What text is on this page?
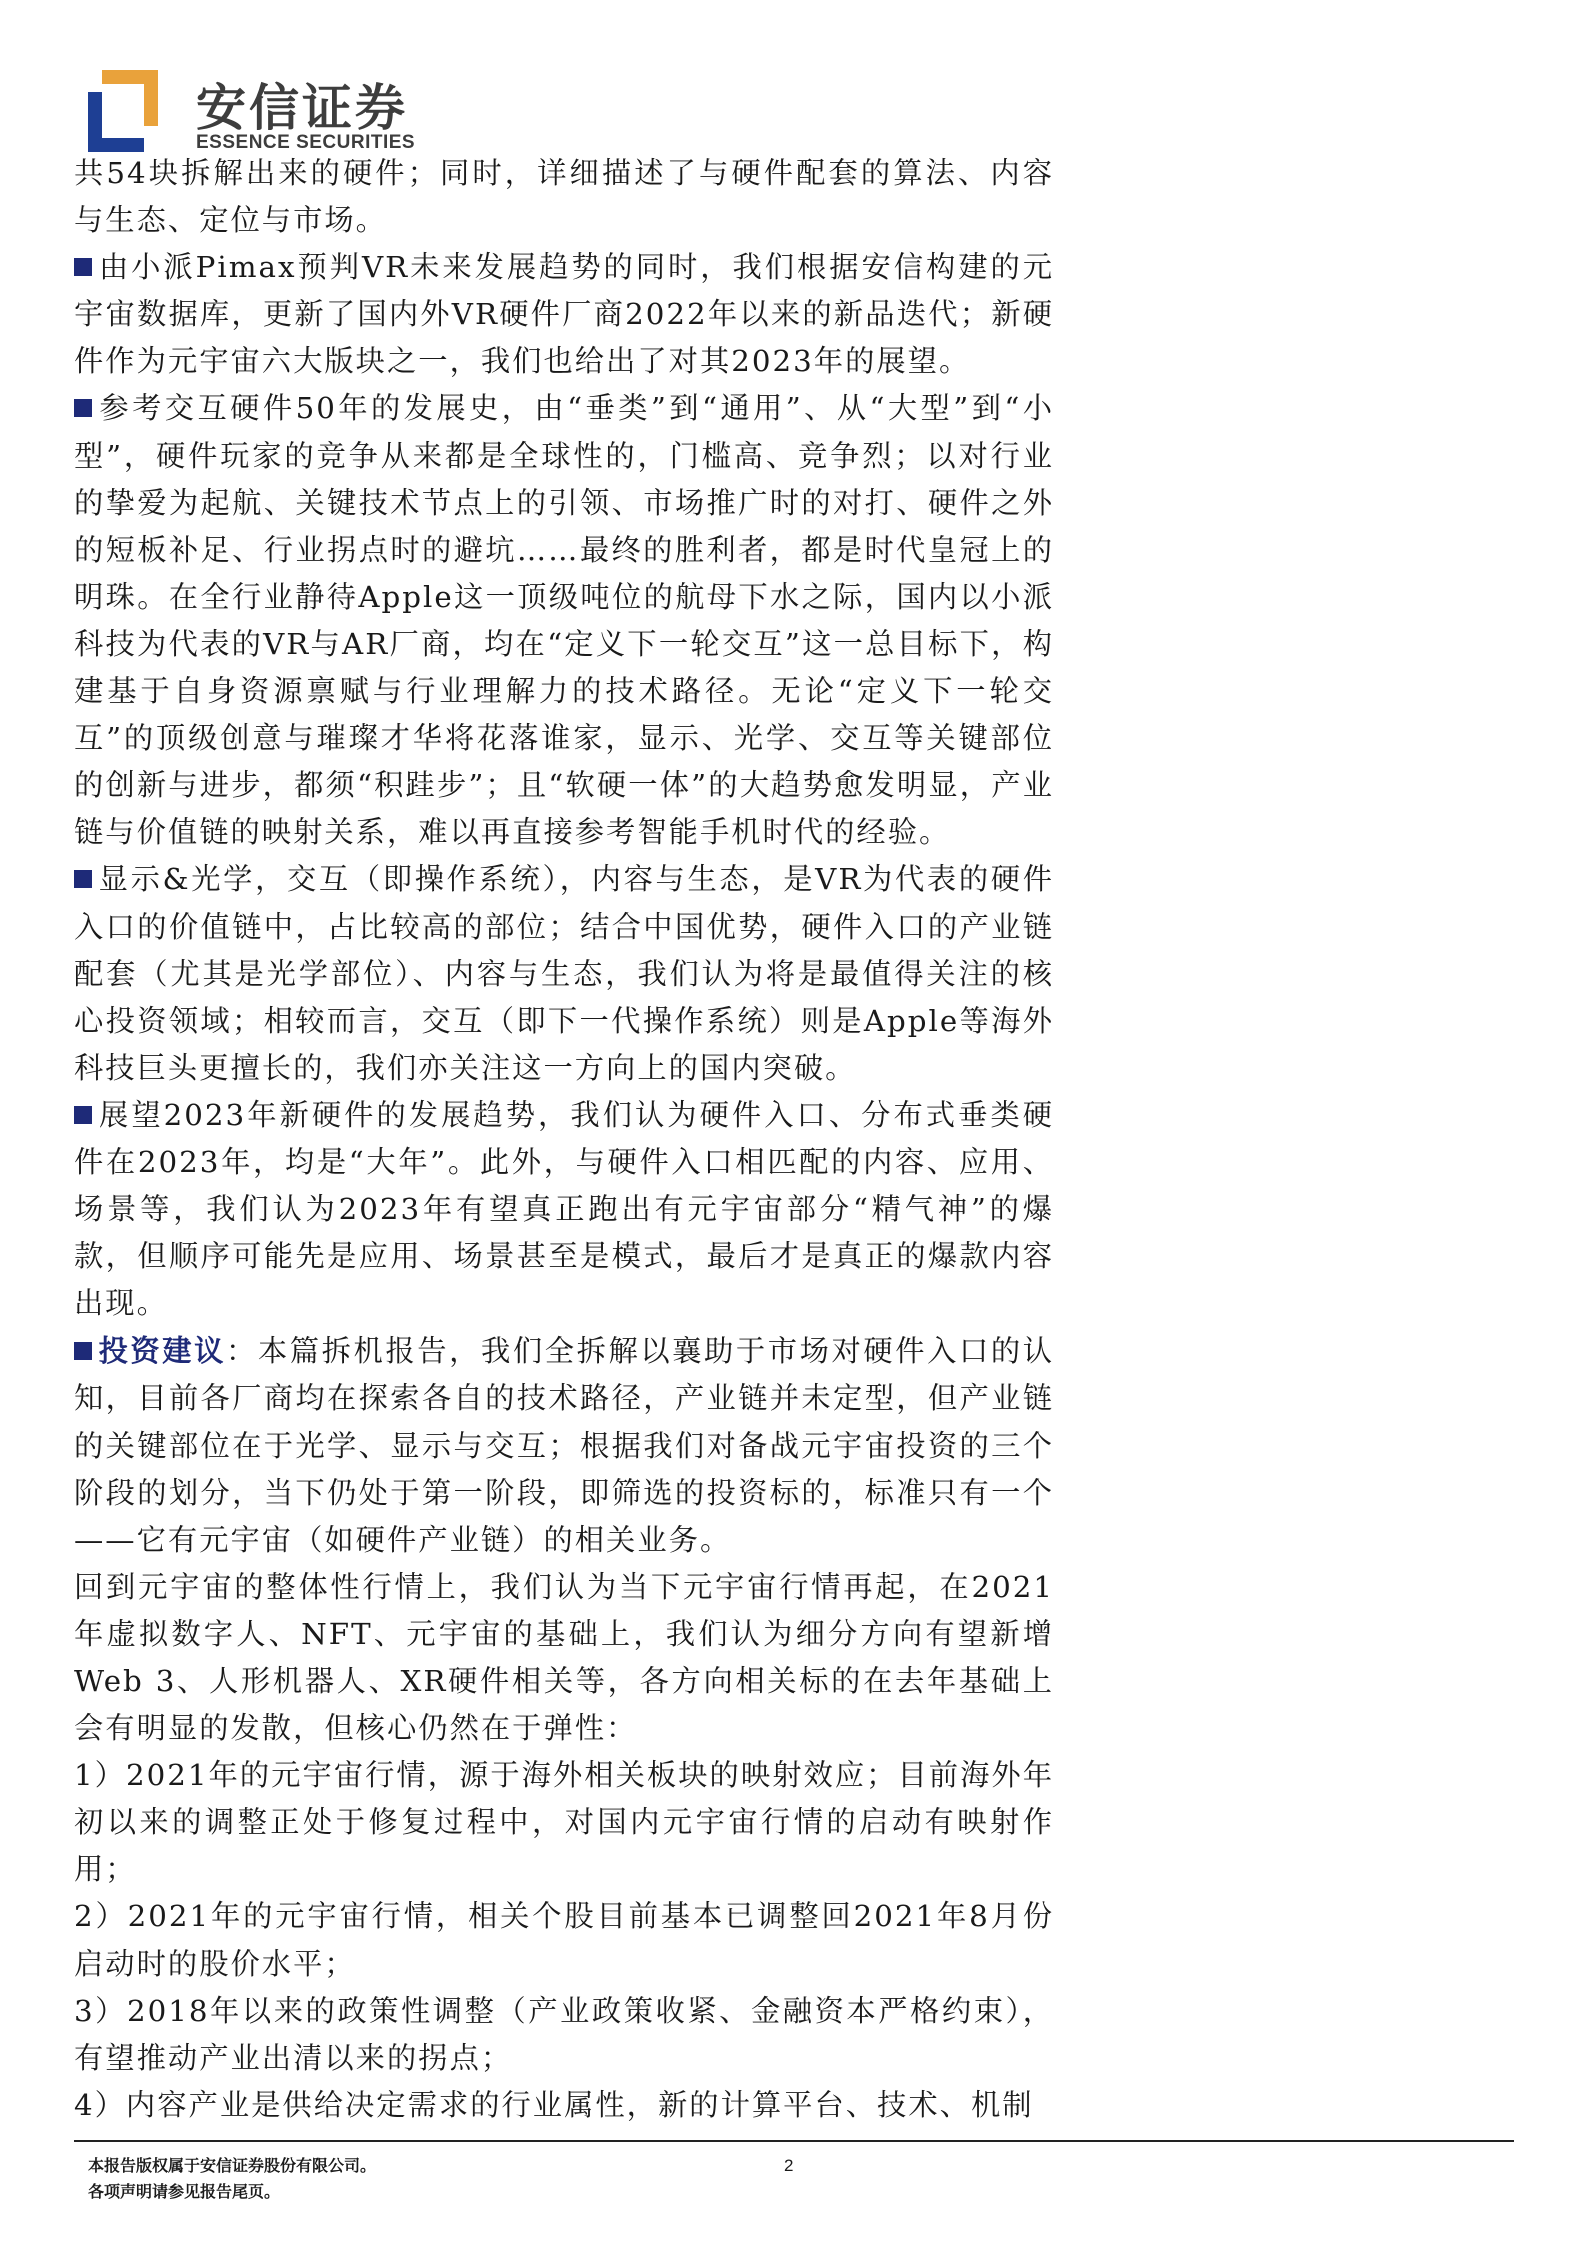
安信证券
ESSENCE SECURITIES

共54块拆解出来的硬件；同时，详细描述了与硬件配套的算法、内容与生态、定位与市场。

由小派Pimax预判VR未来发展趋势的同时，我们根据安信构建的元宇宙数据库，更新了国内外VR硬件厂商2022年以来的新品迭代；新硬件作为元宇宙六大版块之一，我们也给出了对其2023年的展望。

参考交互硬件50年的发展史，由“垂类”到“通用”、从“大型”到“小型”，硬件玩家的竞争从来都是全球性的，门槛高、竞争烈；以对行业的挚爱为起航、关键技术节点上的引领、市场推广时的对打、硬件之外的短板补足、行业拐点时的避坑……最终的胜利者，都是时代皇冠上的明珠。在全行业静待Apple这一顶级吨位的航母下水之际，国内以小派科技为代表的VR与AR厂商，均在“定义下一轮交互”这一总目标下，构建基于自身资源禀赋与行业理解力的技术路径。无论“定义下一轮交互”的顶级创意与璀璨才华将花落谁家，显示、光学、交互等关键部位的创新与进步，都须“积跬步”；且“软硬一体”的大趋势愈发明显，产业链与价值链的映射关系，难以再直接参考智能手机时代的经验。

显示&光学，交互（即操作系统），内容与生态，是VR为代表的硬件入口的价值链中，占比较高的部位；结合中国优势，硬件入口的产业链配套（尤其是光学部位）、内容与生态，我们认为将是最值得关注的核心投资领域；相较而言，交互（即下一代操作系统）则是Apple等海外科技巨头更擅长的，我们亦关注这一方向上的国内突破。

展望2023年新硬件的发展趋势，我们认为硬件入口、分布式垂类硬件在2023年，均是“大年”。此外，与硬件入口相匹配的内容、应用、场景等，我们认为2023年有望真正跑出有元宇宙部分“精气神”的爆款，但顺序可能先是应用、场景甚至是模式，最后才是真正的爆款内容出现。

投资建议：本篇拆机报告，我们全拆解以襄助于市场对硬件入口的认知，目前各厂商均在探索各自的技术路径，产业链并未定型，但产业链的关键部位在于光学、显示与交互；根据我们对备战元宇宙投资的三个阶段的划分，当下仍处于第一阶段，即筛选的投资标的，标准只有一个——它有元宇宙（如硬件产业链）的相关业务。

回到元宇宙的整体性行情上，我们认为当下元宇宙行情再起，在2021年虚拟数字人、NFT、元宇宙的基础上，我们认为细分方向有望新增Web 3、人形机器人、XR硬件相关等，各方向相关标的在去年基础上会有明显的发散，但核心仍然在于弹性：

1）2021年的元宇宙行情，源于海外相关板块的映射效应；目前海外年初以来的调整正处于修复过程中，对国内元宇宙行情的启动有映射作用；

2）2021年的元宇宙行情，相关个股目前基本已调整回2021年8月份启动时的股价水平；

3）2018年以来的政策性调整（产业政策收紧、金融资本严格约束），有望推动产业出清以来的拐点；

4）内容产业是供给决定需求的行业属性，新的计算平台、技术、机制

本报告版权属于安信证券股份有限公司。
各项声明请参见报告尾页。
2
